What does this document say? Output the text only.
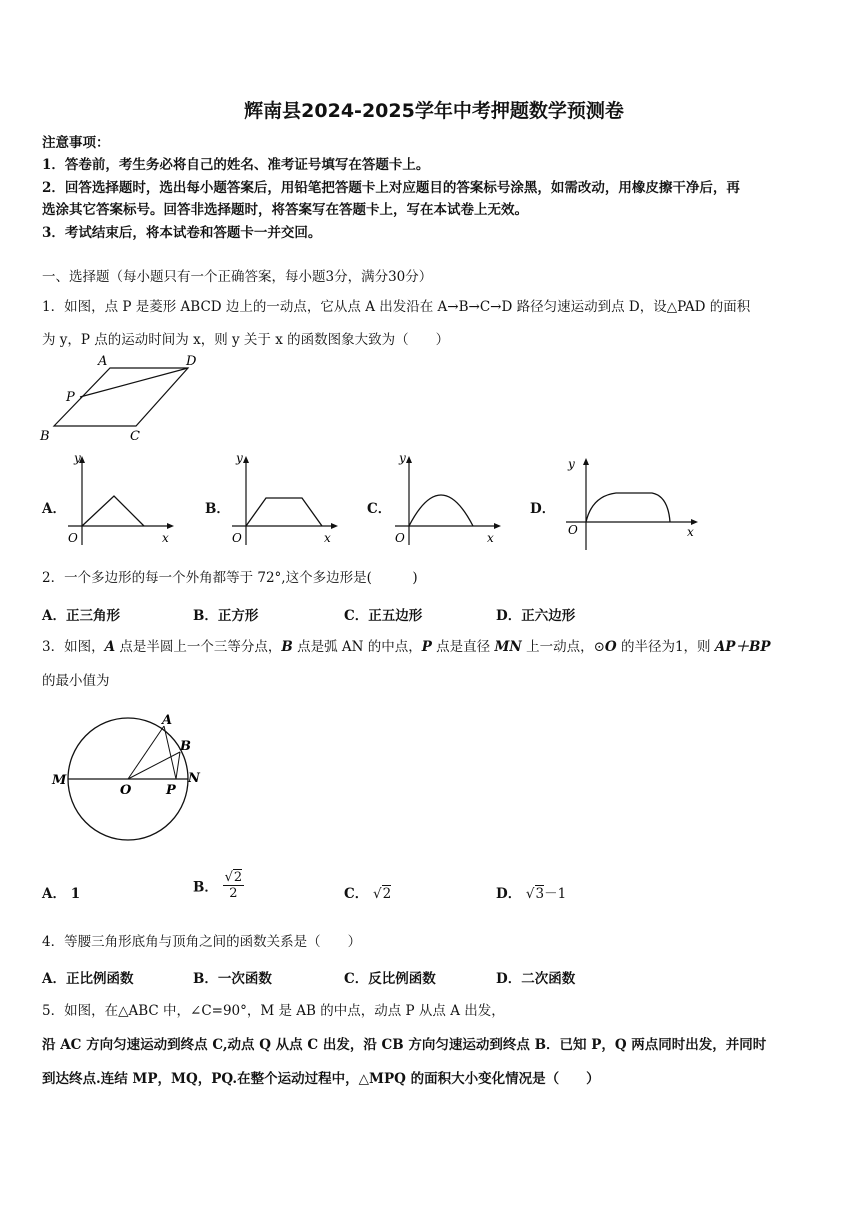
辉南县2024-2025学年中考押题数学预测卷
注意事项：
1．答卷前，考生务必将自己的姓名、准考证号填写在答题卡上。
2．回答选择题时，选出每小题答案后，用铅笔把答题卡上对应题目的答案标号涂黑，如需改动，用橡皮擦干净后，再
选涂其它答案标号。回答非选择题时，将答案写在答题卡上，写在本试卷上无效。
3．考试结束后，将本试卷和答题卡一并交回。
一、选择题（每小题只有一个正确答案，每小题3分，满分30分）
1．如图，点 P 是菱形 ABCD 边上的一动点，它从点 A 出发沿在 A→B→C→D 路径匀速运动到点 D，设△PAD 的面积
为 y，P 点的运动时间为 x，则 y 关于 x 的函数图象大致为（　　）
A	D
P
B	C
A．
y
O	x
B．
y
O	x
C．
y
O	x
D．
y
O	x
2．一个多边形的每一个外角都等于 72°,这个多边形是(　　　)
A．正三角形	B．正方形	C．正五边形	D．正六边形
3．如图，A 点是半圆上一个三等分点，B 点是弧 AN 的中点，P 点是直径 MN 上一动点，⊙O 的半径为1，则 AP＋BP
的最小值为
M
O
A
B
P
N
A． 1	B． $\frac{√2}{2}$	C． √2	D． √3－1
4．等腰三角形底角与顶角之间的函数关系是（　　）
A．正比例函数	B．一次函数	C．反比例函数	D．二次函数
5．如图，在△ABC 中，∠C=90°，M 是 AB 的中点，动点 P 从点 A 出发，
沿 AC 方向匀速运动到终点 C,动点 Q 从点 C 出发，沿 CB 方向匀速运动到终点 B．已知 P，Q 两点同时出发，并同时
到达终点.连结 MP，MQ，PQ.在整个运动过程中，△MPQ 的面积大小变化情况是（　　）
